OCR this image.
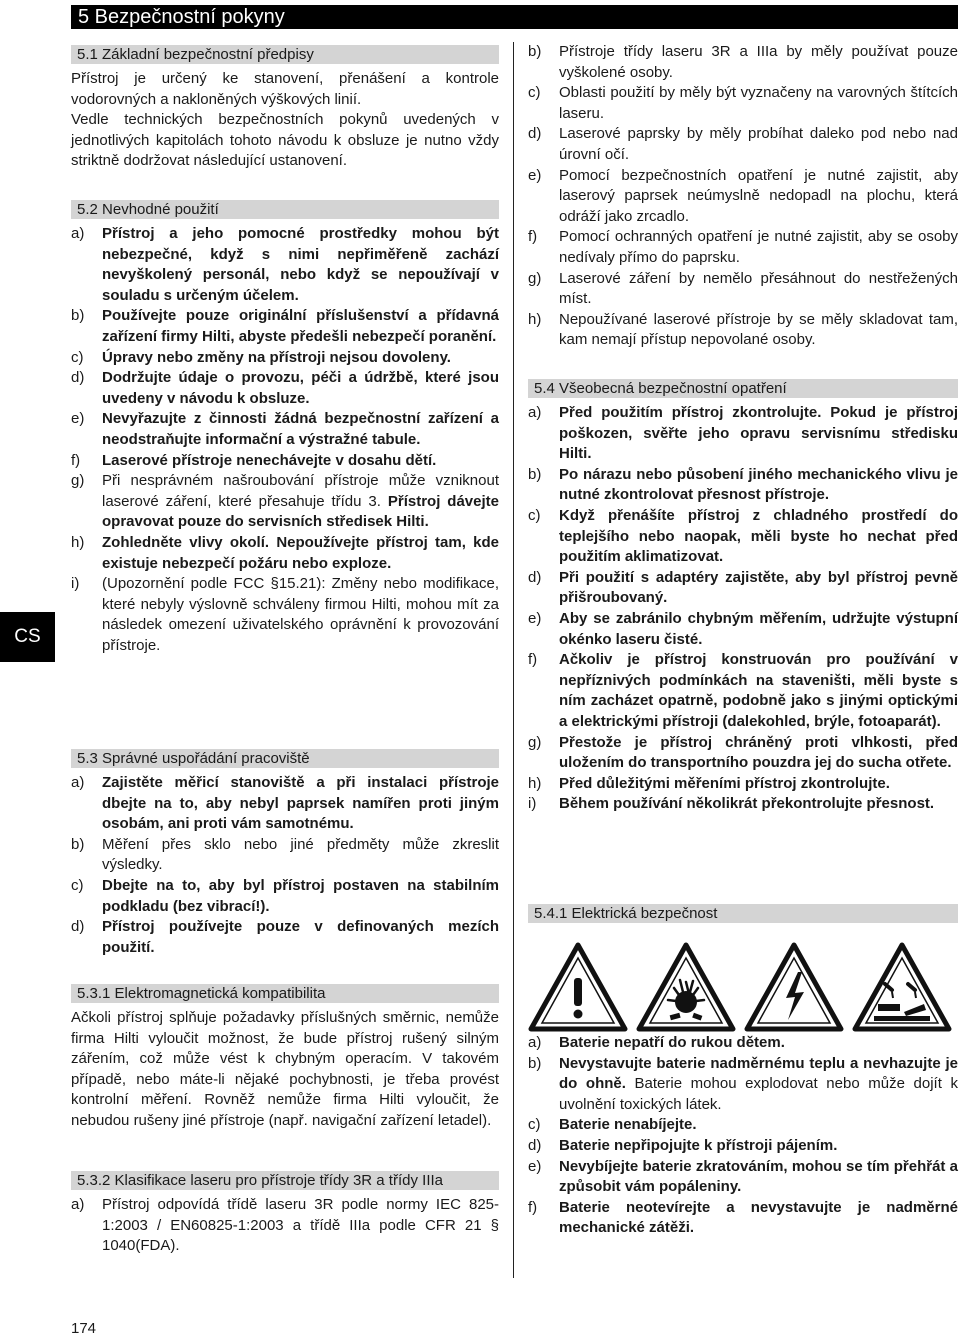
5 Bezpečnostní pokyny
CS
5.1 Základní bezpečnostní předpisy
Přístroj je určený ke stanovení, přenášení a kontrole vodorovných a nakloněných výškových linií.
Vedle technických bezpečnostních pokynů uvedených v jednotlivých kapitolách tohoto návodu k obsluze je nutno vždy striktně dodržovat následující ustanovení.
5.2 Nevhodné použití
a)	Přístroj a jeho pomocné prostředky mohou být nebezpečné, když s nimi nepřiměřeně zachází nevyškolený personál, nebo když se nepoužívají v souladu s určeným účelem.
b)	Používejte pouze originální příslušenství a přídavná zařízení firmy Hilti, abyste předešli nebezpečí poranění.
c)	Úpravy nebo změny na přístroji nejsou dovoleny.
d)	Dodržujte údaje o provozu, péči a údržbě, které jsou uvedeny v návodu k obsluze.
e)	Nevyřazujte z činnosti žádná bezpečnostní zařízení a neodstraňujte informační a výstražné tabule.
f)	Laserové přístroje nenechávejte v dosahu dětí.
g)	Při nesprávném našroubování přístroje může vzniknout laserové záření, které přesahuje třídu 3. Přístroj dávejte opravovat pouze do servisních středisek Hilti.
h)	Zohledněte vlivy okolí. Nepoužívejte přístroj tam, kde existuje nebezpečí požáru nebo exploze.
i)	(Upozornění podle FCC §15.21): Změny nebo modifikace, které nebyly výslovně schváleny firmou Hilti, mohou mít za následek omezení uživatelského oprávnění k provozování přístroje.
5.3 Správné uspořádání pracoviště
a)	Zajistěte měřicí stanoviště a při instalaci přístroje dbejte na to, aby nebyl paprsek namířen proti jiným osobám, ani proti vám samotnému.
b)	Měření přes sklo nebo jiné předměty může zkreslit výsledky.
c)	Dbejte na to, aby byl přístroj postaven na stabilním podkladu (bez vibrací!).
d)	Přístroj používejte pouze v definovaných mezích použití.
5.3.1 Elektromagnetická kompatibilita
Ačkoli přístroj splňuje požadavky příslušných směrnic, nemůže firma Hilti vyloučit možnost, že bude přístroj rušený silným zářením, což může vést k chybným operacím. V takovém případě, nebo máte-li nějaké pochybnosti, je třeba provést kontrolní měření. Rovněž nemůže firma Hilti vyloučit, že nebudou rušeny jiné přístroje (např. navigační zařízení letadel).
5.3.2 Klasifikace laseru pro přístroje třídy 3R a třídy IIIa
a)	Přístroj odpovídá třídě laseru 3R podle normy IEC 825-1:2003 / EN60825-1:2003 a třídě IIIa podle CFR 21 § 1040(FDA).
b)	Přístroje třídy laseru 3R a IIIa by měly používat pouze vyškolené osoby.
c)	Oblasti použití by měly být vyznačeny na varovných štítcích laseru.
d)	Laserové paprsky by měly probíhat daleko pod nebo nad úrovní očí.
e)	Pomocí bezpečnostních opatření je nutné zajistit, aby laserový paprsek neúmyslně nedopadl na plochu, která odráží jako zrcadlo.
f)	Pomocí ochranných opatření je nutné zajistit, aby se osoby nedívaly přímo do paprsku.
g)	Laserové záření by nemělo přesáhnout do nestřežených míst.
h)	Nepoužívané laserové přístroje by se měly skladovat tam, kam nemají přístup nepovolané osoby.
5.4 Všeobecná bezpečnostní opatření
a)	Před použitím přístroj zkontrolujte. Pokud je přístroj poškozen, svěřte jeho opravu servisnímu středisku Hilti.
b)	Po nárazu nebo působení jiného mechanického vlivu je nutné zkontrolovat přesnost přístroje.
c)	Když přenášíte přístroj z chladného prostředí do teplejšího nebo naopak, měli byste ho nechat před použitím aklimatizovat.
d)	Při použití s adaptéry zajistěte, aby byl přístroj pevně přišroubovaný.
e)	Aby se zabránilo chybným měřením, udržujte výstupní okénko laseru čisté.
f)	Ačkoliv je přístroj konstruován pro používání v nepříznivých podmínkách na staveništi, měli byste s ním zacházet opatrně, podobně jako s jinými optickými a elektrickými přístroji (dalekohled, brýle, fotoaparát).
g)	Přestože je přístroj chráněný proti vlhkosti, před uložením do transportního pouzdra jej do sucha otřete.
h)	Před důležitými měřeními přístroj zkontrolujte.
i)	Během používání několikrát překontrolujte přesnost.
5.4.1 Elektrická bezpečnost
a)	Baterie nepatří do rukou dětem.
b)	Nevystavujte baterie nadměrnému teplu a nevhazujte je do ohně. Baterie mohou explodovat nebo může dojít k uvolnění toxických látek.
c)	Baterie nenabíjejte.
d)	Baterie nepřipojujte k přístroji pájením.
e)	Nevybíjejte baterie zkratováním, mohou se tím přehřát a způsobit vám popáleniny.
f)	Baterie neotevírejte a nevystavujte je nadměrné mechanické zátěži.
174
